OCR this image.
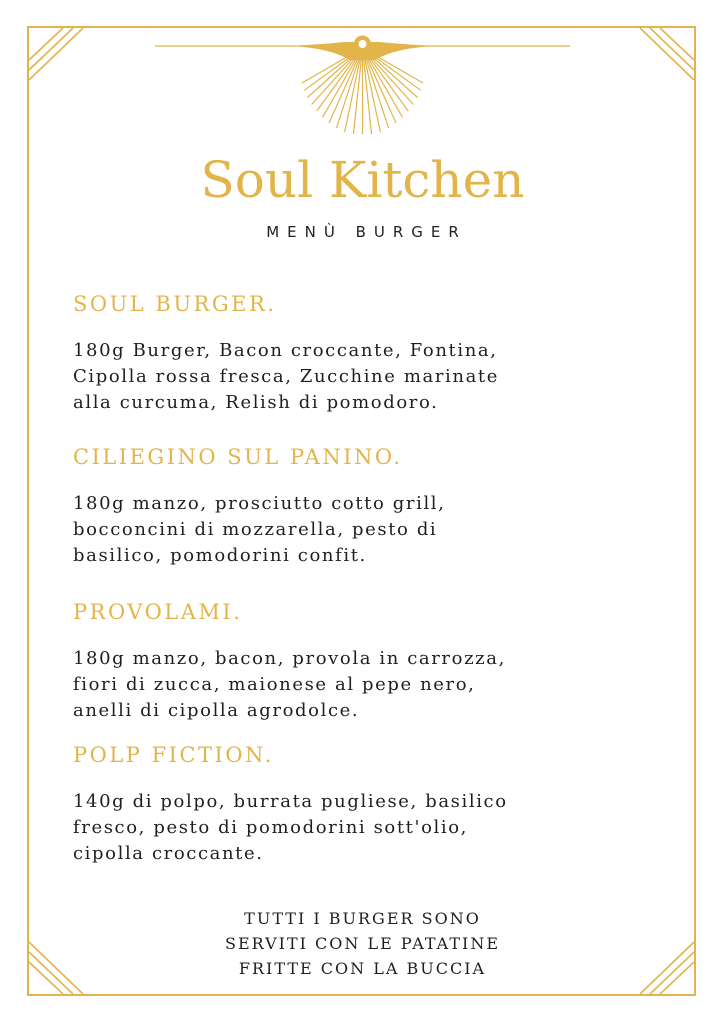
Soul Kitchen
MENÙ BURGER
SOUL BURGER.

180g Burger, Bacon croccante, Fontina,
Cipolla rossa fresca, Zucchine marinate
alla curcuma, Relish di pomodoro.

CILIEGINO SUL PANINO.

180g manzo, prosciutto cotto grill,
bocconcini di mozzarella, pesto di
basilico, pomodorini confit.

PROVOLAMI.

180g manzo, bacon, provola in carrozza,
fiori di zucca, maionese al pepe nero,
anelli di cipolla agrodolce.

POLP FICTION.

140g di polpo, burrata pugliese, basilico
fresco, pesto di pomodorini sott'olio,
cipolla croccante.

TUTTI I BURGER SONO
SERVITI CON LE PATATINE
FRITTE CON LA BUCCIA
